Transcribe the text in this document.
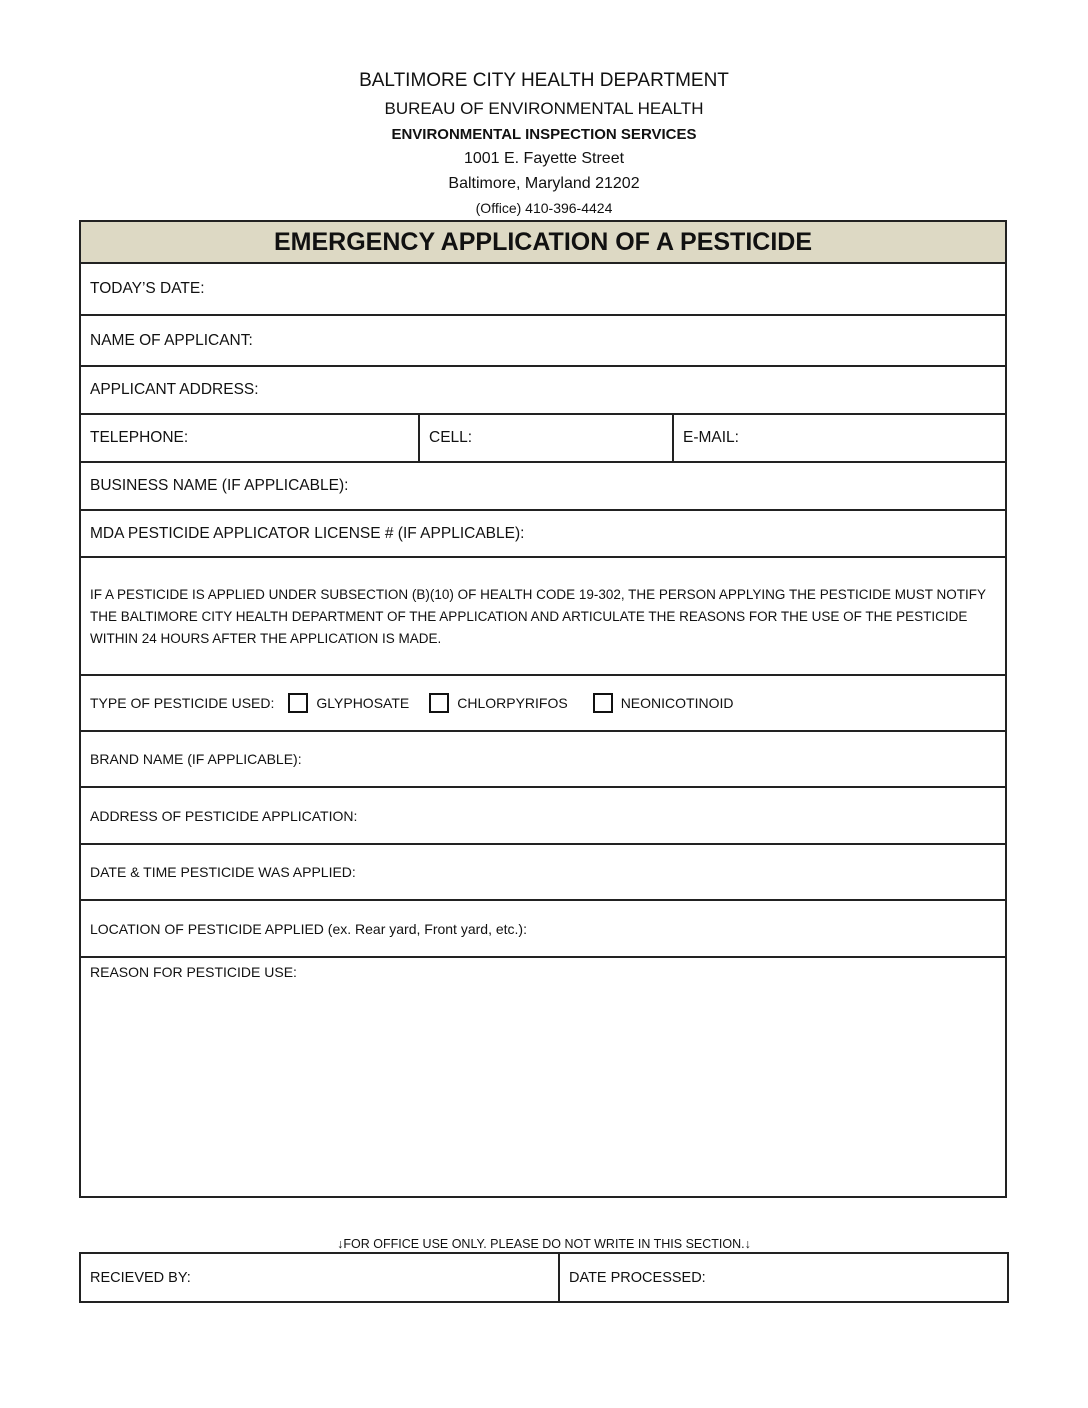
BALTIMORE CITY HEALTH DEPARTMENT
BUREAU OF ENVIRONMENTAL HEALTH
ENVIRONMENTAL INSPECTION SERVICES
1001 E. Fayette Street
Baltimore, Maryland 21202
(Office) 410-396-4424
EMERGENCY APPLICATION OF A PESTICIDE
TODAY’S DATE:
NAME OF APPLICANT:
APPLICANT ADDRESS:
TELEPHONE:	CELL:	E-MAIL:
BUSINESS NAME (IF APPLICABLE):
MDA PESTICIDE APPLICATOR LICENSE # (IF APPLICABLE):
IF A PESTICIDE IS APPLIED UNDER SUBSECTION (B)(10) OF HEALTH CODE 19-302, THE PERSON APPLYING THE PESTICIDE MUST NOTIFY THE BALTIMORE CITY HEALTH DEPARTMENT OF THE APPLICATION AND ARTICULATE THE REASONS FOR THE USE OF THE PESTICIDE WITHIN 24 HOURS AFTER THE APPLICATION IS MADE.
TYPE OF PESTICIDE USED:	GLYPHOSATE	CHLORPYRIFOS	NEONICOTINOID
BRAND NAME (IF APPLICABLE):
ADDRESS OF PESTICIDE APPLICATION:
DATE & TIME PESTICIDE WAS APPLIED:
LOCATION OF PESTICIDE APPLIED (ex. Rear yard, Front yard, etc.):
REASON FOR PESTICIDE USE:
↓FOR OFFICE USE ONLY. PLEASE DO NOT WRITE IN THIS SECTION.↓
RECIEVED BY:	DATE PROCESSED:
